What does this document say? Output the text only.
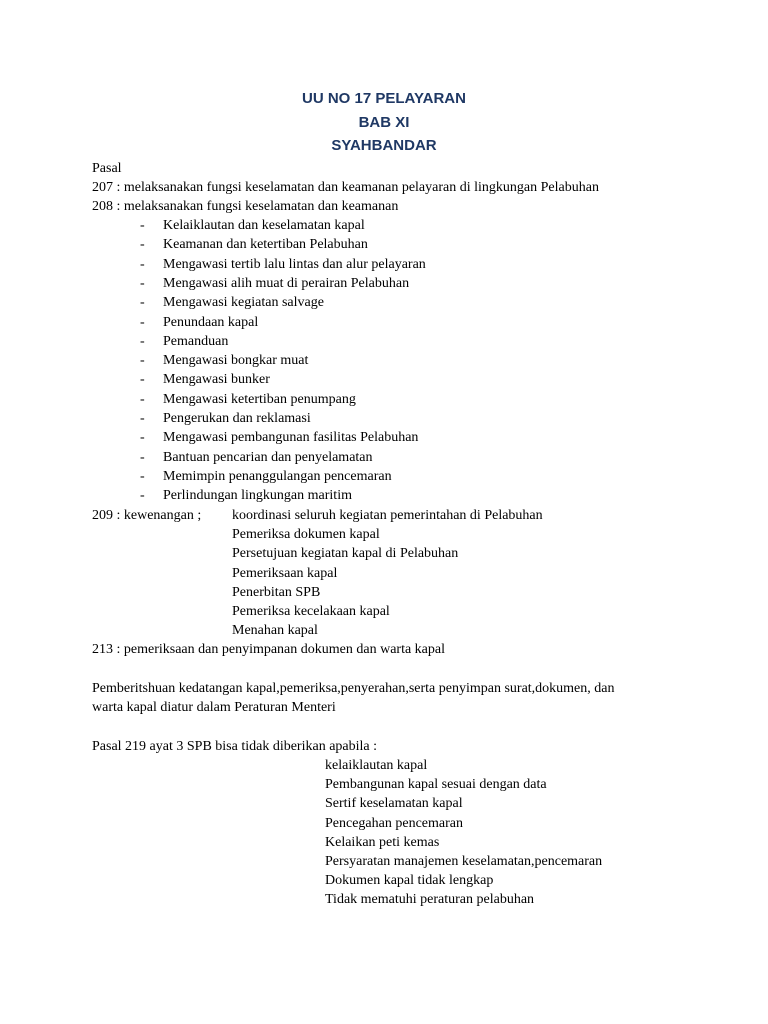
UU NO 17 PELAYARAN
BAB XI
SYAHBANDAR
Pasal
207 : melaksanakan fungsi keselamatan dan keamanan pelayaran di lingkungan Pelabuhan
208 : melaksanakan fungsi keselamatan dan keamanan
- Kelaiklautan dan keselamatan kapal
- Keamanan dan ketertiban Pelabuhan
- Mengawasi tertib lalu lintas dan alur pelayaran
- Mengawasi alih muat di perairan Pelabuhan
- Mengawasi kegiatan salvage
- Penundaan kapal
- Pemanduan
- Mengawasi bongkar muat
- Mengawasi bunker
- Mengawasi ketertiban penumpang
- Pengerukan dan reklamasi
- Mengawasi pembangunan fasilitas Pelabuhan
- Bantuan pencarian dan penyelamatan
- Memimpin penanggulangan pencemaran
- Perlindungan lingkungan maritim
209 : kewenangan ; koordinasi seluruh kegiatan pemerintahan di Pelabuhan
Pemeriksa dokumen kapal
Persetujuan kegiatan kapal di Pelabuhan
Pemeriksaan kapal
Penerbitan SPB
Pemeriksa kecelakaan kapal
Menahan kapal
213 : pemeriksaan dan penyimpanan dokumen dan warta kapal
Pemberitshuan kedatangan kapal,pemeriksa,penyerahan,serta penyimpan surat,dokumen, dan
warta kapal diatur dalam Peraturan Menteri
Pasal 219 ayat 3 SPB bisa tidak diberikan apabila :
kelaiklautan kapal
Pembangunan kapal sesuai dengan data
Sertif keselamatan kapal
Pencegahan pencemaran
Kelaikan peti kemas
Persyaratan manajemen keselamatan,pencemaran
Dokumen kapal tidak lengkap
Tidak mematuhi peraturan pelabuhan
